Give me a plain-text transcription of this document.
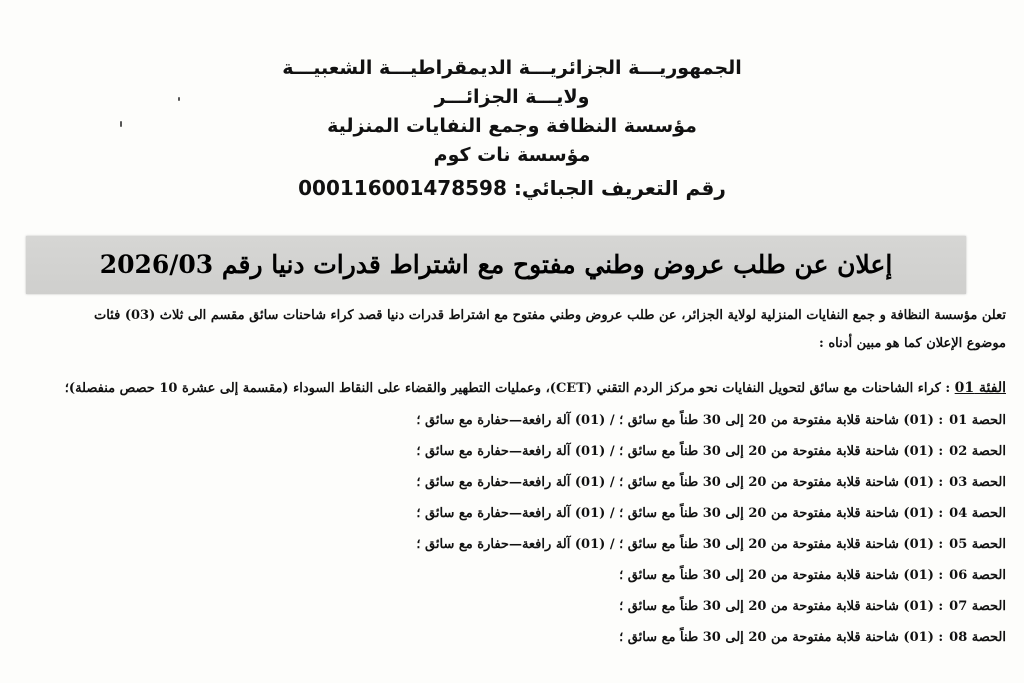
الجمهوريـــة الجزائريـــة الديمقراطيـــة الشعبيـــة
ولايـــة الجزائـــر
مؤسسة النظافة وجمع النفايات المنزلية
مؤسسة نات كوم
رقم التعريف الجبائي: 000116001478598
إعلان عن طلب عروض وطني مفتوح مع اشتراط قدرات دنيا رقم 2026/03

تعلن مؤسسة النظافة و جمع النفايات المنزلية لولاية الجزائر، عن طلب عروض وطني مفتوح مع اشتراط قدرات دنيا قصد كراء شاحنات سائق مقسم الى ثلاث (03) فئات

موضوع الإعلان كما هو مبين أدناه :

الفئة 01 : كراء الشاحنات مع سائق لتحويل النفايات نحو مركز الردم التقني (CET)، وعمليات التطهير والقضاء على النقاط السوداء (مقسمة إلى عشرة 10 حصص منفصلة)؛
الحصة 01: (01) شاحنة قلابة مفتوحة من 20 إلى 30 طناً مع سائق ؛ / (01) آلة رافعة—حفارة مع سائق ؛
الحصة 02: (01) شاحنة قلابة مفتوحة من 20 إلى 30 طناً مع سائق ؛ / (01) آلة رافعة—حفارة مع سائق ؛
الحصة 03: (01) شاحنة قلابة مفتوحة من 20 إلى 30 طناً مع سائق ؛ / (01) آلة رافعة—حفارة مع سائق ؛
الحصة 04: (01) شاحنة قلابة مفتوحة من 20 إلى 30 طناً مع سائق ؛ / (01) آلة رافعة—حفارة مع سائق ؛
الحصة 05: (01) شاحنة قلابة مفتوحة من 20 إلى 30 طناً مع سائق ؛ / (01) آلة رافعة—حفارة مع سائق ؛
الحصة 06: (01) شاحنة قلابة مفتوحة من 20 إلى 30 طناً مع سائق ؛
الحصة 07: (01) شاحنة قلابة مفتوحة من 20 إلى 30 طناً مع سائق ؛
الحصة 08: (01) شاحنة قلابة مفتوحة من 20 إلى 30 طناً مع سائق ؛
